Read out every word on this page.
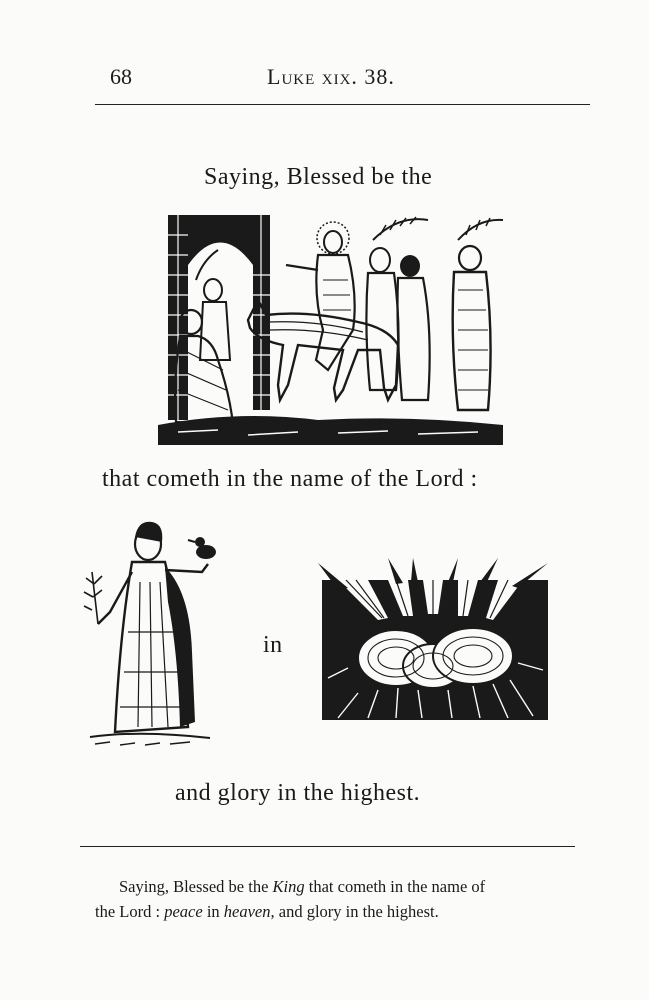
68	Luke xix. 38.
Saying, Blessed be the
that cometh in the name of the Lord :
in
and glory in the highest.
Saying, Blessed be the King that cometh in the name of
the Lord : peace in heaven, and glory in the highest.
